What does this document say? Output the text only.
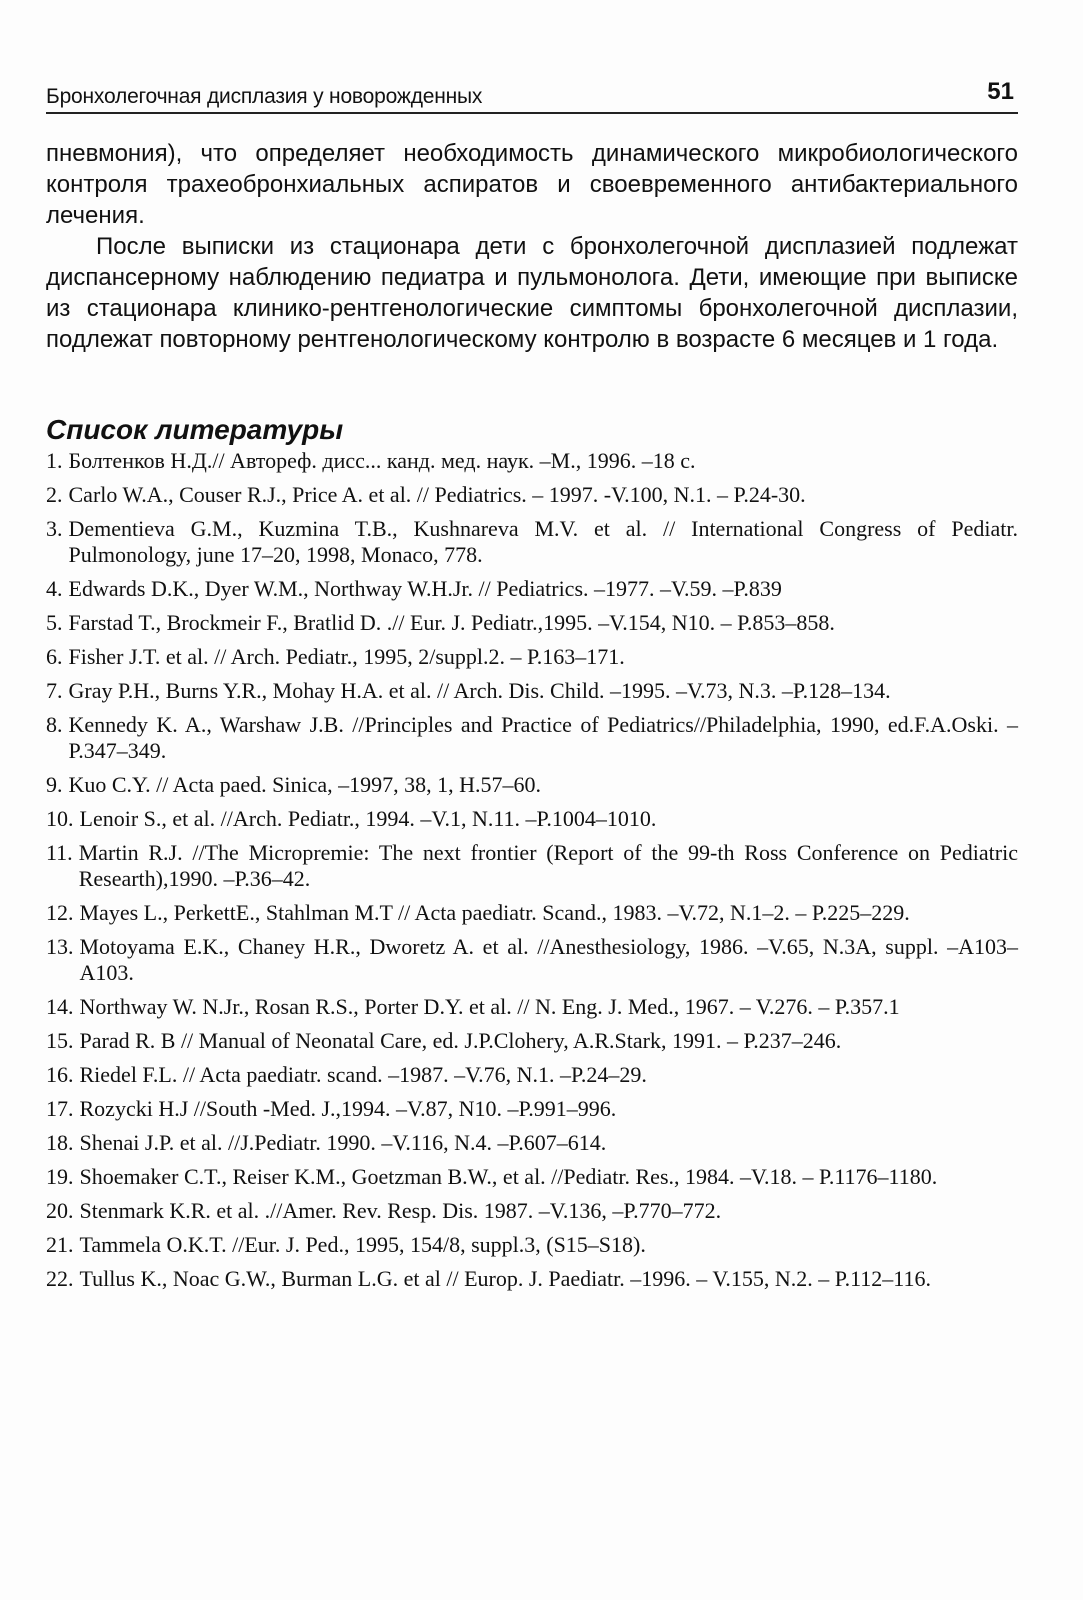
Бронхолегочная дисплазия у новорожденных	51

пневмония), что определяет необходимость динамического микробиологического контроля трахеобронхиальных аспиратов и своевременного антибактериального лечения.

После выписки из стационара дети с бронхолегочной дисплазией подлежат диспансерному наблюдению педиатра и пульмонолога. Дети, имеющие при выписке из стационара клинико-рентгенологические симптомы бронхолегочной дисплазии, подлежат повторному рентгенологическому контролю в возрасте 6 месяцев и 1 года.

Список литературы
1. Болтенков Н.Д.// Автореф. дисс... канд. мед. наук. –М., 1996. –18 с.
2. Carlo W.A., Couser R.J., Price A. et al. // Pediatrics. – 1997. -V.100, N.1. – P.24-30.
3. Dementieva G.M., Kuzmina T.B., Kushnareva M.V. et al. // International Congress of Pediatr. Pulmonology, june 17–20, 1998, Monaco, 778.
4. Edwards D.K., Dyer W.M., Northway W.H.Jr. // Pediatrics. –1977. –V.59. –P.839
5. Farstad T., Brockmeir F., Bratlid D. .// Eur. J. Pediatr.,1995. –V.154, N10. – P.853–858.
6. Fisher J.T. et al. // Arch. Pediatr., 1995, 2/suppl.2. – P.163–171.
7. Gray P.H., Burns Y.R., Mohay H.A. et al. // Arch. Dis. Child. –1995. –V.73, N.3. –P.128–134.
8. Kennedy K. A., Warshaw J.B. //Principles and Practice of Pediatrics//Philadelphia, 1990, ed.F.A.Oski. –P.347–349.
9. Kuo C.Y. // Acta paed. Sinica, –1997, 38, 1, H.57–60.
10. Lenoir S., et al. //Arch. Pediatr., 1994. –V.1, N.11. –P.1004–1010.
11. Martin R.J. //The Micropremie: The next frontier (Report of the 99-th Ross Conference on Pediatric Researth),1990. –P.36–42.
12. Mayes L., PerkettE., Stahlman M.T // Acta paediatr. Scand., 1983. –V.72, N.1–2. – P.225–229.
13. Motoyama E.K., Chaney H.R., Dworetz A. et al. //Anesthesiology, 1986. –V.65, N.3A, suppl. –A103–A103.
14. Northway W. N.Jr., Rosan R.S., Porter D.Y. et al. // N. Eng. J. Med., 1967. – V.276. – P.357.1
15. Parad R. B // Manual of Neonatal Care, ed. J.P.Clohery, A.R.Stark, 1991. – P.237–246.
16. Riedel F.L. // Acta paediatr. scand. –1987. –V.76, N.1. –P.24–29.
17. Rozycki H.J //South -Med. J.,1994. –V.87, N10. –P.991–996.
18. Shenai J.P. et al. //J.Pediatr. 1990. –V.116, N.4. –P.607–614.
19. Shoemaker C.T., Reiser K.M., Goetzman B.W., et al. //Pediatr. Res., 1984. –V.18. – P.1176–1180.
20. Stenmark K.R. et al. .//Amer. Rev. Resp. Dis. 1987. –V.136, –P.770–772.
21. Tammela O.K.T. //Eur. J. Ped., 1995, 154/8, suppl.3, (S15–S18).
22. Tullus K., Noac G.W., Burman L.G. et al // Europ. J. Paediatr. –1996. – V.155, N.2. – P.112–116.
